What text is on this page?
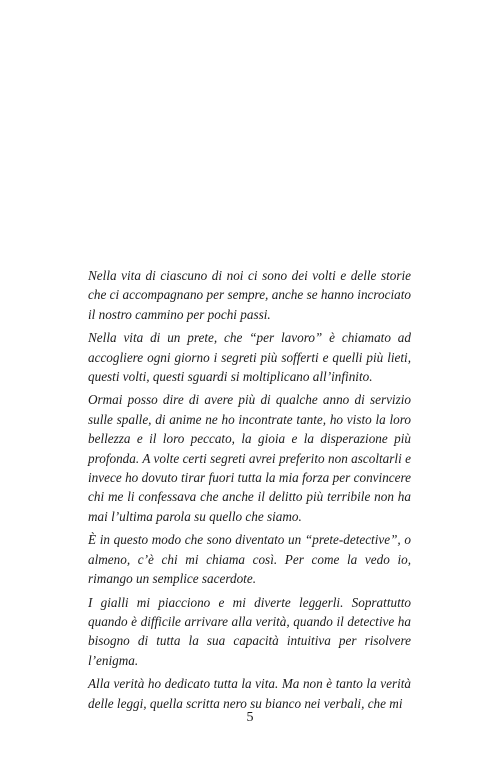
Nella vita di ciascuno di noi ci sono dei volti e delle storie che ci accompagnano per sempre, anche se hanno incrociato il nostro cammino per pochi passi.

Nella vita di un prete, che “per lavoro” è chiamato ad accogliere ogni giorno i segreti più sofferti e quelli più lieti, questi volti, questi sguardi si moltiplicano all’infinito.

Ormai posso dire di avere più di qualche anno di servizio sulle spalle, di anime ne ho incontrate tante, ho visto la loro bellezza e il loro peccato, la gioia e la disperazione più profonda. A volte certi segreti avrei preferito non ascoltarli e invece ho dovuto tirar fuori tutta la mia forza per convincere chi me li confessava che anche il delitto più terribile non ha mai l’ultima parola su quello che siamo.

È in questo modo che sono diventato un “prete-detective”, o almeno, c’è chi mi chiama così. Per come la vedo io, rimango un semplice sacerdote.

I gialli mi piacciono e mi diverte leggerli. Soprattutto quando è difficile arrivare alla verità, quando il detective ha bisogno di tutta la sua capacità intuitiva per risolvere l’enigma.

Alla verità ho dedicato tutta la vita. Ma non è tanto la verità delle leggi, quella scritta nero su bianco nei verbali, che mi

5
